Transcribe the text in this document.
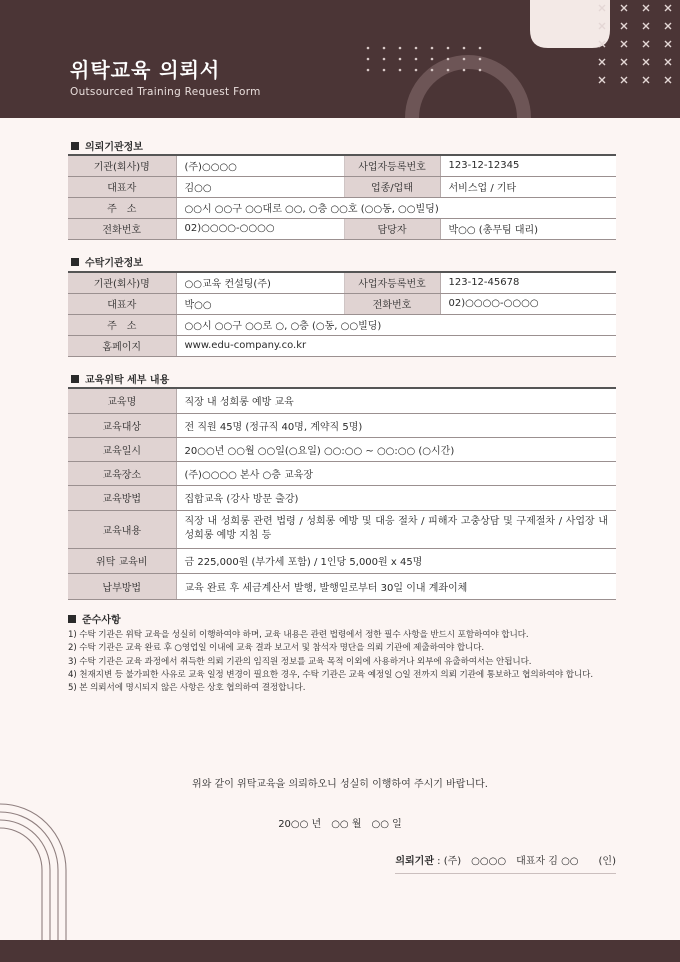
위탁교육 의뢰서
Outsourced Training Request Form
의뢰기관정보
기관(회사)명	(주)○○○○	사업자등록번호	123-12-12345
대표자	김○○	업종/업태	서비스업 / 기타
주　소	○○시 ○○구 ○○대로 ○○, ○층 ○○호 (○○동, ○○빌딩)		
전화번호	02)○○○○-○○○○	담당자	박○○ (총무팀 대리)
수탁기관정보
기관(회사)명	○○교육 컨설팅(주)	사업자등록번호	123-12-45678
대표자	박○○	전화번호	02)○○○○-○○○○
주　소	○○시 ○○구 ○○로 ○, ○층 (○동, ○○빌딩)		
홈페이지	www.edu-company.co.kr		
교육위탁 세부 내용
교육명	직장 내 성희롱 예방 교육
교육대상	전 직원 45명 (정규직 40명, 계약직 5명)
교육일시	20○○년 ○○월 ○○일(○요일) ○○:○○ ~ ○○:○○ (○시간)
교육장소	(주)○○○○ 본사 ○층 교육장
교육방법	집합교육 (강사 방문 출강)
교육내용	직장 내 성희롱 관련 법령 / 성희롱 예방 및 대응 절차 / 피해자 고충상담 및 구제절차 / 사업장 내 성희롱 예방 지침 등
위탁 교육비	금 225,000원 (부가세 포함) / 1인당 5,000원 x 45명
납부방법	교육 완료 후 세금계산서 발행, 발행일로부터 30일 이내 계좌이체
준수사항
1) 수탁 기관은 위탁 교육을 성실히 이행하여야 하며, 교육 내용은 관련 법령에서 정한 필수 사항을 반드시 포함하여야 합니다.
2) 수탁 기관은 교육 완료 후 ○영업일 이내에 교육 결과 보고서 및 참석자 명단을 의뢰 기관에 제출하여야 합니다.
3) 수탁 기관은 교육 과정에서 취득한 의뢰 기관의 임직원 정보를 교육 목적 이외에 사용하거나 외부에 유출하여서는 안됩니다.
4) 천재지변 등 불가피한 사유로 교육 일정 변경이 필요한 경우, 수탁 기관은 교육 예정일 ○일 전까지 의뢰 기관에 통보하고 협의하여야 합니다.
5) 본 의뢰서에 명시되지 않은 사항은 상호 협의하여 결정합니다.
위와 같이 위탁교육을 의뢰하오니 성실히 이행하여 주시기 바랍니다.
20○○ 년　○○ 월　○○ 일
의뢰기관 : (주)　○○○○　대표자 김 ○○　　(인)
